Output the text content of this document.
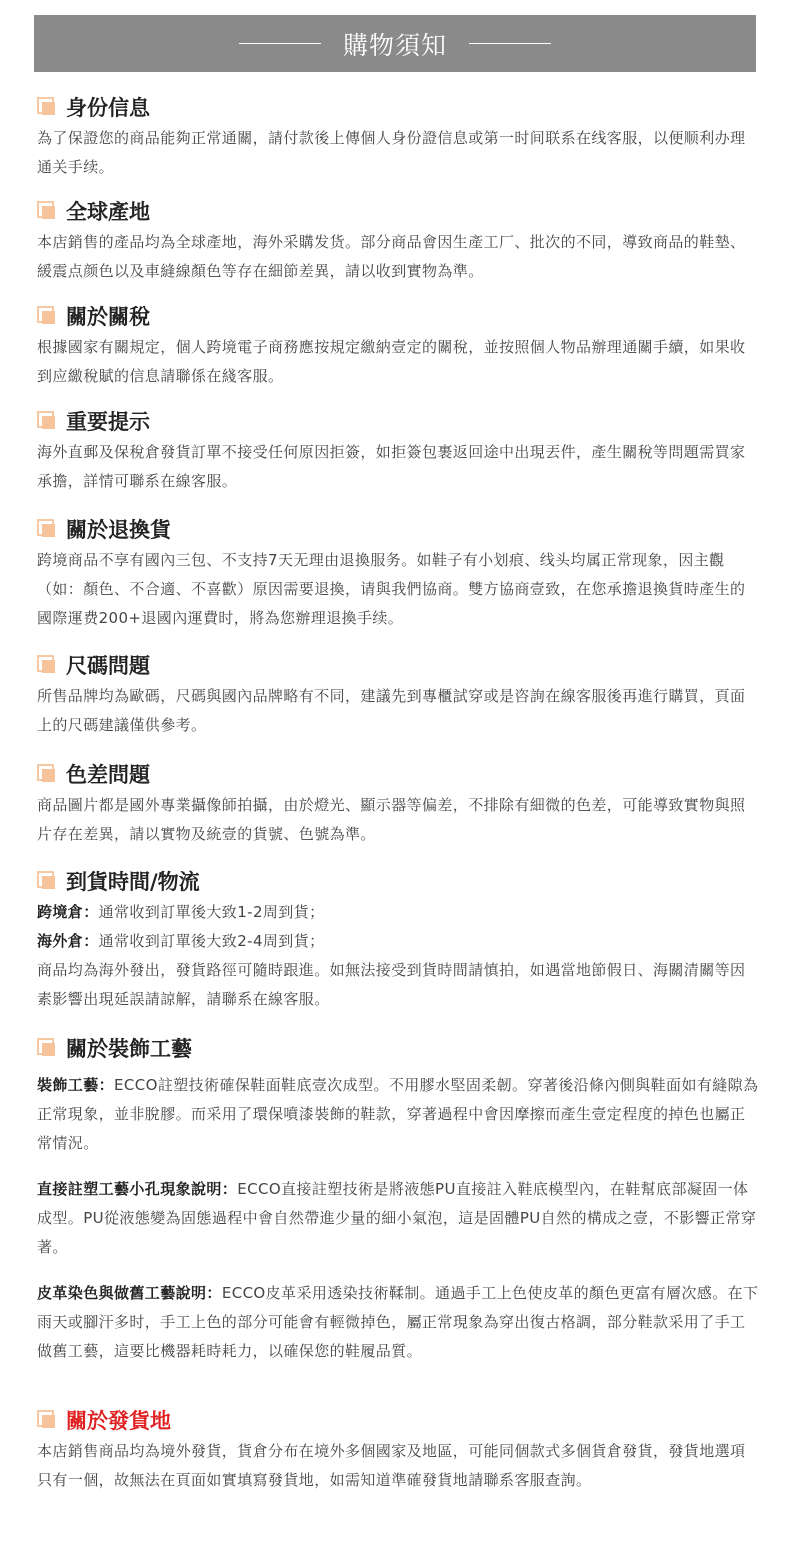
購物須知
身份信息

為了保證您的商品能夠正常通關，請付款後上傳個人身份證信息或第一时间联系在线客服，以便顺利办理通关手续。

全球產地

本店銷售的產品均為全球產地，海外采購发货。部分商品會因生產工厂、批次的不同，導致商品的鞋墊、緩震点颜色以及車縫線顏色等存在細節差異，請以收到實物為準。

關於關稅

根據國家有關規定，個人跨境電子商務應按規定繳納壹定的關稅，並按照個人物品辦理通關手續，如果收到应繳稅賦的信息請聯係在綫客服。

重要提示

海外直郵及保稅倉發貨訂單不接受任何原因拒簽，如拒簽包裹返回途中出現丟件，產生關稅等問題需買家承擔，詳情可聯系在線客服。

關於退換貨

跨境商品不享有國內三包、不支持7天无理由退換服务。如鞋子有小划痕、线头均属正常现象，因主觀（如：顏色、不合適、不喜歡）原因需要退換，请與我們協商。雙方協商壹致，在您承擔退換貨時產生的國際運费200+退國內運費时，將為您辦理退換手续。

尺碼問題

所售品牌均為歐碼，尺碼與國內品牌略有不同，建議先到專櫃試穿或是咨詢在線客服後再進行購買，頁面上的尺碼建議僅供參考。

色差問題

商品圖片都是國外專業攝像師拍攝，由於燈光、顯示器等偏差，不排除有細微的色差，可能導致實物與照片存在差異，請以實物及統壹的貨號、色號為準。

到貨時間/物流

跨境倉：通常收到訂單後大致1-2周到貨；
海外倉：通常收到訂單後大致2-4周到貨；
商品均為海外發出，發貨路徑可隨時跟進。如無法接受到貨時間請慎拍，如遇當地節假日、海關清關等因素影響出現延誤請諒解，請聯系在線客服。

關於裝飾工藝

裝飾工藝：ECCO註塑技術確保鞋面鞋底壹次成型。不用膠水堅固柔韌。穿著後沿條內側與鞋面如有縫隙為正常現象，並非脫膠。而采用了環保噴漆裝飾的鞋款，穿著過程中會因摩擦而產生壹定程度的掉色也屬正常情況。

直接註塑工藝小孔現象說明：ECCO直接註塑技術是將液態PU直接註入鞋底模型內，在鞋幫底部凝固一体成型。PU從液態變為固態過程中會自然帶進少量的細小氣泡，這是固體PU自然的構成之壹，不影響正常穿著。

皮革染色與做舊工藝說明：ECCO皮革采用透染技術鞣制。通過手工上色使皮革的顏色更富有層次感。在下雨天或腳汗多时，手工上色的部分可能會有輕微掉色，屬正常現象為穿出復古格調，部分鞋款采用了手工做舊工藝，這要比機器耗時耗力，以確保您的鞋履品質。

關於發貨地

本店銷售商品均為境外發貨，貨倉分布在境外多個國家及地區，可能同個款式多個貨倉發貨，發貨地選項只有一個，故無法在頁面如實填寫發貨地，如需知道準確發貨地請聯系客服查詢。
